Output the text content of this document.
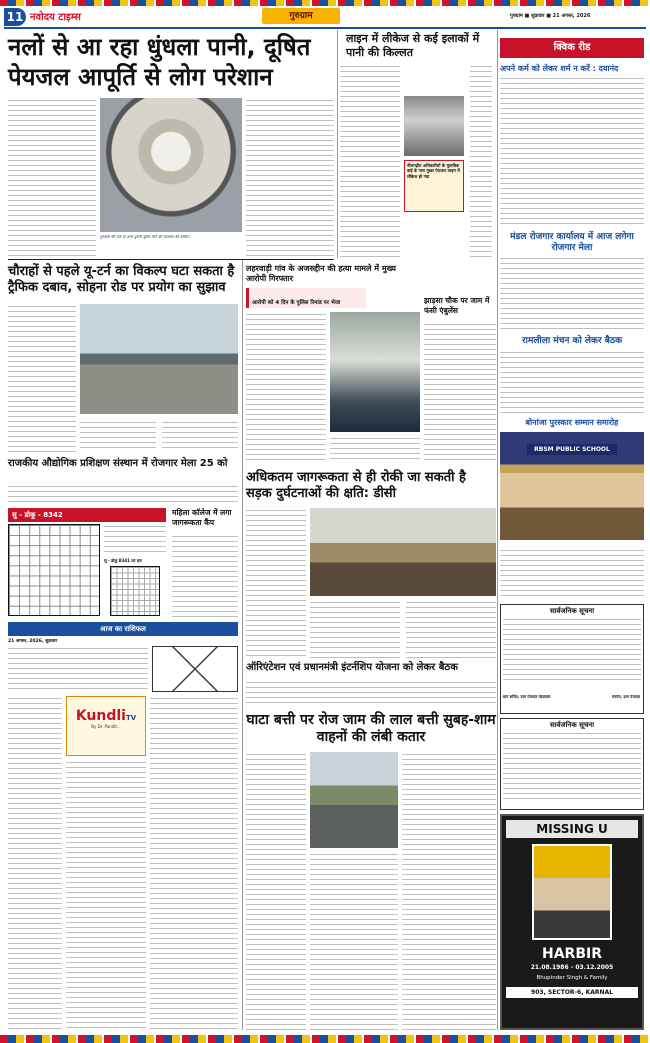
11 नवोदय टाइम्स	गुरुग्राम	गुरुग्राम ■ शुक्रवार ■ 21 अगस्त, 2026
नलों से आ रहा धुंधला पानी, दूषित पेयजल आपूर्ति से लोग परेशान
गुरुग्राम की एक दो अन्य पुरानी दूषित पीने की व्यवस्था की तस्वीर।
लाइन में लीकेज से कई इलाकों में पानी की किल्लत
नीलगढ़ीय अधिकारियों के मुताबिक बाईं के पास मुख्य पेयजल लाइन में लीकेज हो गया
क्विक रीड
अपने कर्म को लेकर शर्म न करें : दयानंद
मंडल रोजगार कार्यालय में आज लगेगा रोजगार मेला
रामलीला मंचन को लेकर बैठक
बोनांजा पुरस्कार सम्मान समारोह
RBSM PUBLIC SCHOOL
चौराहों से पहले यू-टर्न का विकल्प घटा सकता है ट्रैफिक दबाव, सोहना रोड पर प्रयोग का सुझाव
लहरवाड़ी गांव के अजरुद्दीन की हत्या मामले में मुख्य आरोपी गिरफ्तार
आरोपी को 4 दिन के पुलिस रिमांड पर भेजा	झाड़सा चौक पर जाम में फंसी एंबुलेंस
राजकीय औद्योगिक प्रशिक्षण संस्थान में रोजगार मेला 25 को
सु - डोकू - 8342
सु - डोकू 8341 का हल
आज का राशिफल
21 अगस्त, 2026, शुक्रवार
KundliTV
By Dr. Pandit...
महिला कॉलेज में लगा जागरूकता कैंप
अधिकतम जागरूकता से ही रोकी जा सकती है सड़क दुर्घटनाओं की क्षति: डीसी
सार्वजनिक सूचना
ग्राम सचिव, ग्राम पंचायत मंडावाला	सरपंच, ग्राम पंचायत
सार्वजनिक सूचना
ऑरिएंटेशन एवं प्रधानमंत्री इंटर्नशिप योजना को लेकर बैठक
घाटा बत्ती पर रोज जाम की लाल बत्ती सुबह-शाम वाहनों की लंबी कतार
MISSING U
HARBIR
21.08.1986 - 03.12.2005
Bhupinder Singh & Family
903, SECTOR-6, KARNAL
